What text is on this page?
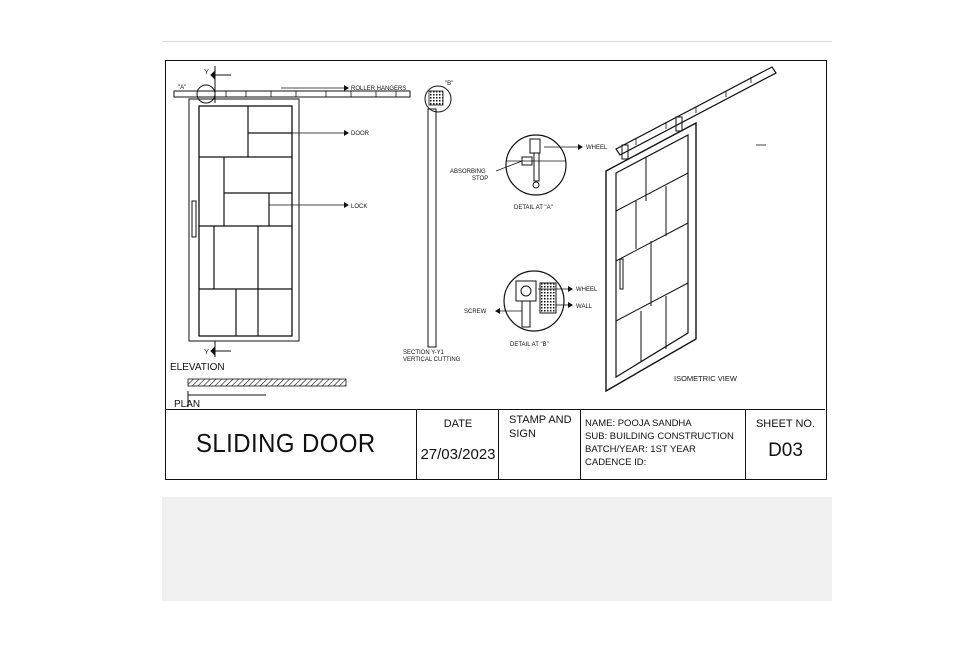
ROLLER HANGERS
DOOR
LOCK
Y
Y
"A"
ELEVATION
PLAN
"B"
SECTION Y-Y1
VERTICAL CUTTING
WHEEL
ABSORBING
STOP
DETAIL AT "A"
WHEEL
WALL
SCREW
DETAIL AT "B"
ISOMETRIC VIEW
SLIDING DOOR
DATE
27/03/2023
STAMP AND SIGN
NAME: POOJA SANDHA
SUB: BUILDING CONSTRUCTION
BATCH/YEAR: 1ST YEAR
CADENCE ID:
SHEET NO.
D03
